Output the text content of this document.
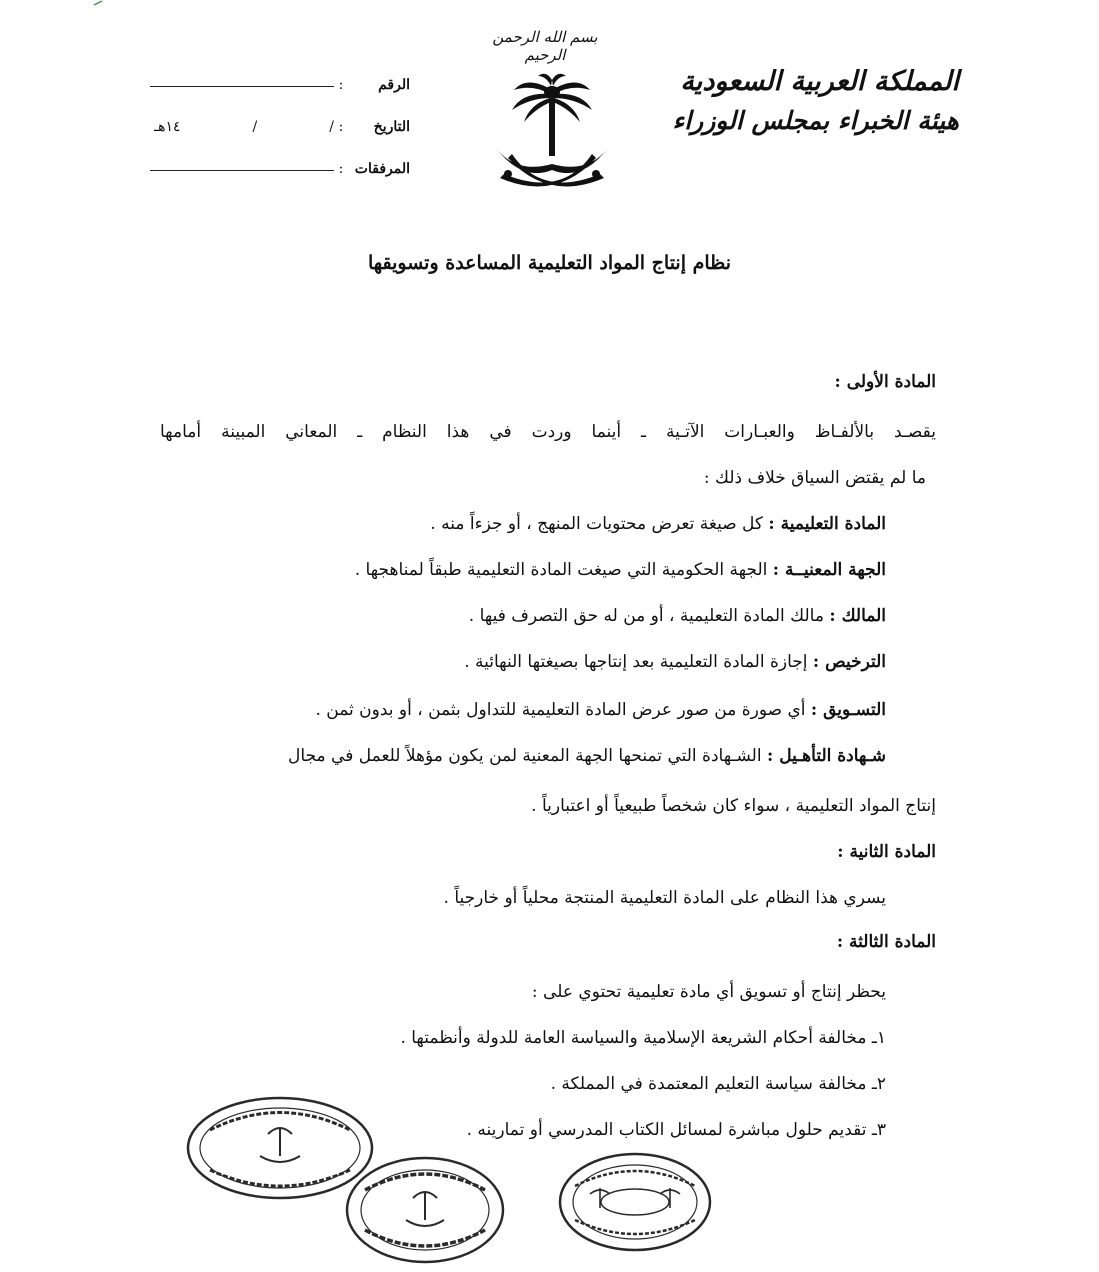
بسم الله الرحمن الرحيم
المملكة العربية السعودية
هيئة الخبراء بمجلس الوزراء
الرقم
:
التاريخ
:
/
/
١٤هـ
المرفقات
:
نظام إنتاج المواد التعليمية المساعدة وتسويقها
المادة الأولى :
يقصـد بالألفـاظ والعبـارات الآتـية ـ أينما وردت في هذا النظام ـ المعاني المبينة أمامها
ما لم يقتض السياق خلاف ذلك :
المادة التعليمية : كل صيغة تعرض محتويات المنهج ، أو جزءاً منه .
الجهة المعنيــة : الجهة الحكومية التي صيغت المادة التعليمية طبقاً لمناهجها .
المالك : مالك المادة التعليمية ، أو من له حق التصرف فيها .
الترخيص : إجازة المادة التعليمية بعد إنتاجها بصيغتها النهائية .
التسـويق : أي صورة من صور عرض المادة التعليمية للتداول بثمن ، أو بدون ثمن .
شـهادة التأهـيل : الشـهادة التي تمنحها الجهة المعنية لمن يكون مؤهلاً للعمل في مجال
إنتاج المواد التعليمية ، سواء كان شخصاً طبيعياً أو اعتبارياً .
المادة الثانية :
يسري هذا النظام على المادة التعليمية المنتجة محلياً أو خارجياً .
المادة الثالثة :
يحظر إنتاج أو تسويق أي مادة تعليمية تحتوي على :
١ـ مخالفة أحكام الشريعة الإسلامية والسياسة العامة للدولة وأنظمتها .
٢ـ مخالفة سياسة التعليم المعتمدة في المملكة .
٣ـ تقديم حلول مباشرة لمسائل الكتاب المدرسي أو تمارينه .
